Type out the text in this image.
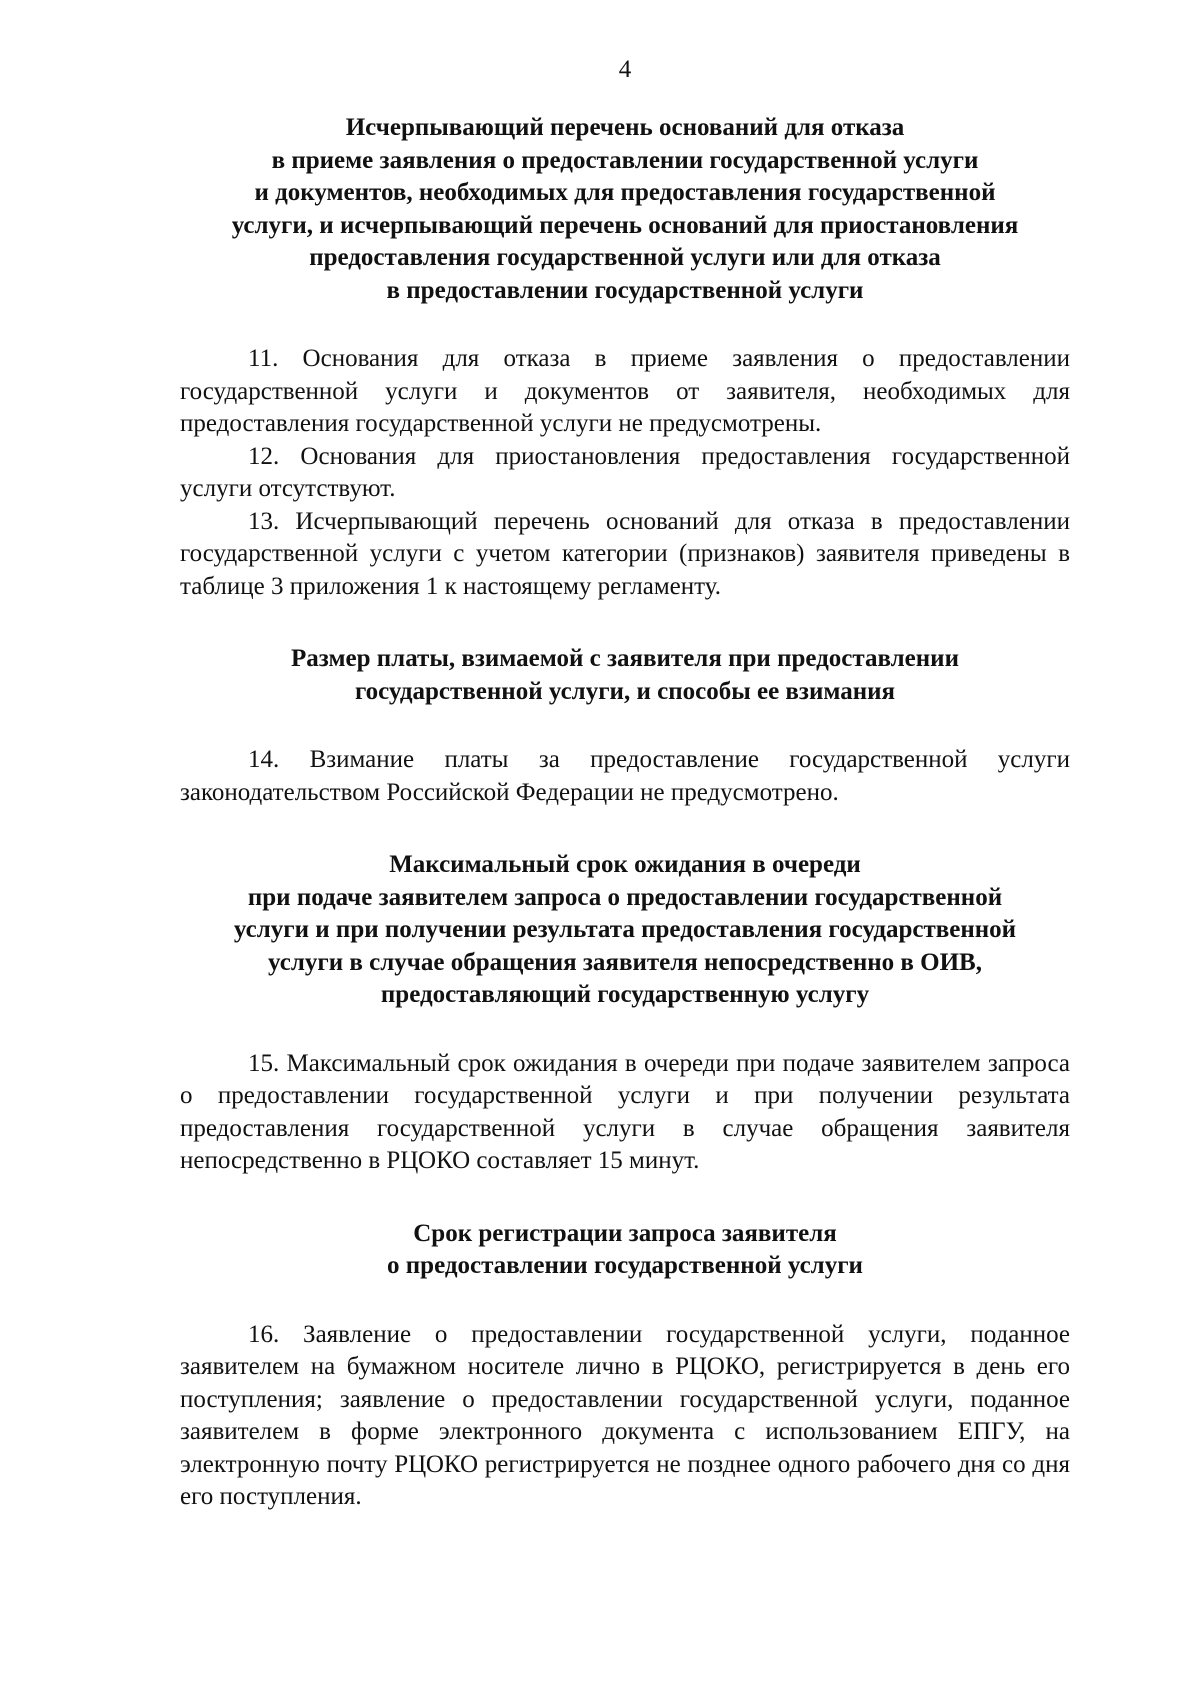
4
Исчерпывающий перечень оснований для отказа
в приеме заявления о предоставлении государственной услуги
и документов, необходимых для предоставления государственной
услуги, и исчерпывающий перечень оснований для приостановления
предоставления государственной услуги или для отказа
в предоставлении государственной услуги

11. Основания для отказа в приеме заявления о предоставлении государственной услуги и документов от заявителя, необходимых для предоставления государственной услуги не предусмотрены.

12. Основания для приостановления предоставления государственной услуги отсутствуют.

13. Исчерпывающий перечень оснований для отказа в предоставлении государственной услуги с учетом категории (признаков) заявителя приведены в таблице 3 приложения 1 к настоящему регламенту.

Размер платы, взимаемой с заявителя при предоставлении
государственной услуги, и способы ее взимания

14. Взимание платы за предоставление государственной услуги законодательством Российской Федерации не предусмотрено.

Максимальный срок ожидания в очереди
при подаче заявителем запроса о предоставлении государственной
услуги и при получении результата предоставления государственной
услуги в случае обращения заявителя непосредственно в ОИВ,
предоставляющий государственную услугу

15. Максимальный срок ожидания в очереди при подаче заявителем запроса о предоставлении государственной услуги и при получении результата предоставления государственной услуги в случае обращения заявителя непосредственно в РЦОКО составляет 15 минут.

Срок регистрации запроса заявителя
о предоставлении государственной услуги

16. Заявление о предоставлении государственной услуги, поданное заявителем на бумажном носителе лично в РЦОКО, регистрируется в день его поступления; заявление о предоставлении государственной услуги, поданное заявителем в форме электронного документа с использованием ЕПГУ, на электронную почту РЦОКО регистрируется не позднее одного рабочего дня со дня его поступления.
